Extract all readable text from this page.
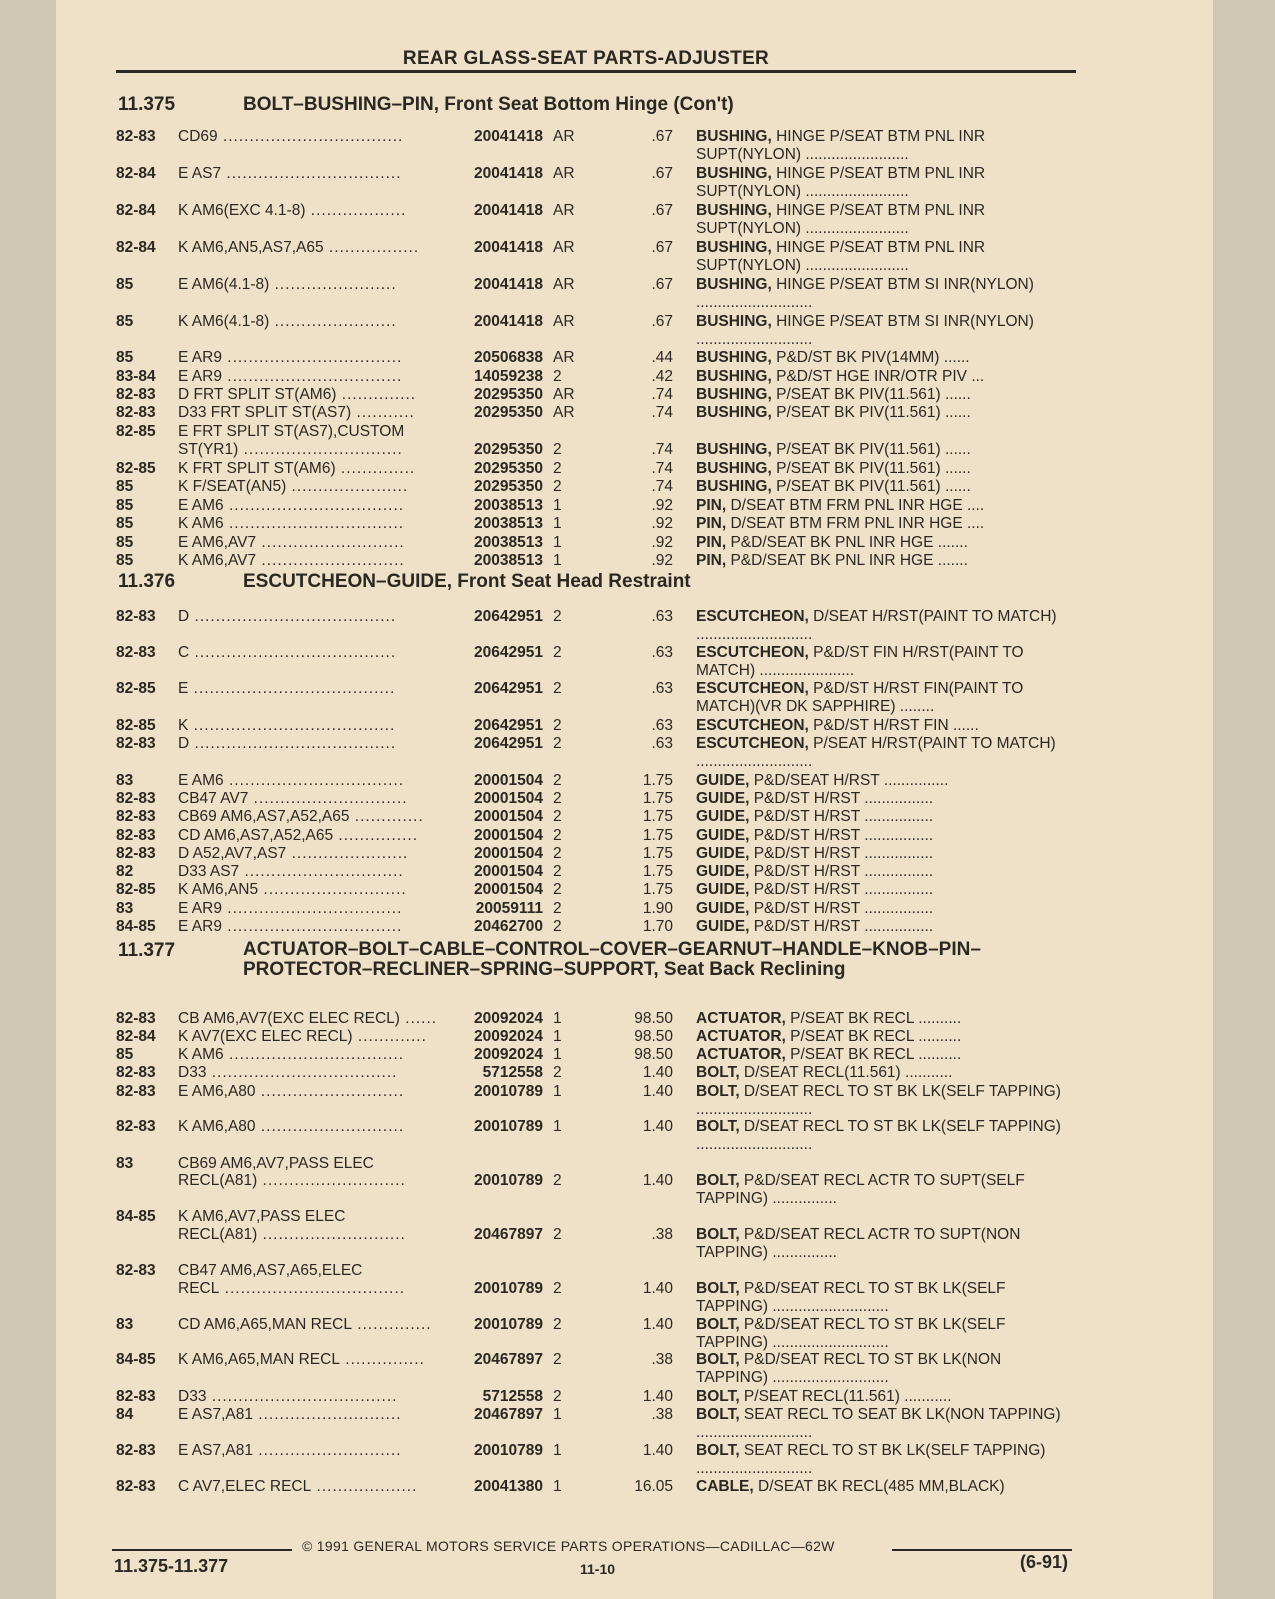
REAR GLASS-SEAT PARTS-ADJUSTER
11.375	BOLT–BUSHING–PIN, Front Seat Bottom Hinge (Con't)
11.376	ESCUTCHEON–GUIDE, Front Seat Head Restraint
11.377	ACTUATOR–BOLT–CABLE–CONTROL–COVER–GEARNUT–HANDLE–KNOB–PIN–PROTECTOR–RECLINER–SPRING–SUPPORT, Seat Back Reclining
82-83 CD69 ..................................	20041418 AR	.67 BUSHING, HINGE P/SEAT BTM PNL INR SUPT(NYLON) ........................
82-84 E AS7 .................................	20041418 AR	.67 BUSHING, HINGE P/SEAT BTM PNL INR SUPT(NYLON) ........................
82-84 K AM6(EXC 4.1-8) ..................	20041418 AR	.67 BUSHING, HINGE P/SEAT BTM PNL INR SUPT(NYLON) ........................
82-84 K AM6,AN5,AS7,A65 .................	20041418 AR	.67 BUSHING, HINGE P/SEAT BTM PNL INR SUPT(NYLON) ........................
85	E AM6(4.1-8) .......................	20041418 AR	.67 BUSHING, HINGE P/SEAT BTM SI INR(NYLON) ...........................
85	K AM6(4.1-8) .......................	20041418 AR	.67 BUSHING, HINGE P/SEAT BTM SI INR(NYLON) ...........................
85	E AR9 .................................	20506838 AR	.44 BUSHING, P&D/ST BK PIV(14MM) ......
83-84 E AR9 .................................	14059238 2	.42 BUSHING, P&D/ST HGE INR/OTR PIV ...
82-83 D FRT SPLIT ST(AM6) ..............	20295350 AR	.74 BUSHING, P/SEAT BK PIV(11.561) ......
82-83 D33 FRT SPLIT ST(AS7) ...........	20295350 AR	.74 BUSHING, P/SEAT BK PIV(11.561) ......
82-85 E FRT SPLIT ST(AS7),CUSTOM
ST(YR1) ..............................	20295350 2	.74 BUSHING, P/SEAT BK PIV(11.561) ......
82-85 K FRT SPLIT ST(AM6) ..............	20295350 2	.74 BUSHING, P/SEAT BK PIV(11.561) ......
85	K F/SEAT(AN5) ......................	20295350 2	.74 BUSHING, P/SEAT BK PIV(11.561) ......
85	E AM6 .................................	20038513 1	.92 PIN, D/SEAT BTM FRM PNL INR HGE ....
85	K AM6 .................................	20038513 1	.92 PIN, D/SEAT BTM FRM PNL INR HGE ....
85	E AM6,AV7 ...........................	20038513 1	.92 PIN, P&D/SEAT BK PNL INR HGE .......
85	K AM6,AV7 ...........................	20038513 1	.92 PIN, P&D/SEAT BK PNL INR HGE .......
82-83 D ......................................	20642951 2	.63 ESCUTCHEON, D/SEAT H/RST(PAINT TO MATCH) ...........................
82-83 C ......................................	20642951 2	.63 ESCUTCHEON, P&D/ST FIN H/RST(PAINT TO MATCH) ......................
82-85 E ......................................	20642951 2	.63 ESCUTCHEON, P&D/ST H/RST FIN(PAINT TO MATCH)(VR DK SAPPHIRE) ........
82-85 K ......................................	20642951 2	.63 ESCUTCHEON, P&D/ST H/RST FIN ......
82-83 D ......................................	20642951 2	.63 ESCUTCHEON, P/SEAT H/RST(PAINT TO MATCH) ...........................
83	E AM6 .................................	20001504 2	1.75 GUIDE, P&D/SEAT H/RST ...............
82-83 CB47 AV7 .............................	20001504 2	1.75 GUIDE, P&D/ST H/RST ................
82-83 CB69 AM6,AS7,A52,A65 .............	20001504 2	1.75 GUIDE, P&D/ST H/RST ................
82-83 CD AM6,AS7,A52,A65 ...............	20001504 2	1.75 GUIDE, P&D/ST H/RST ................
82-83 D A52,AV7,AS7 ......................	20001504 2	1.75 GUIDE, P&D/ST H/RST ................
82	D33 AS7 ..............................	20001504 2	1.75 GUIDE, P&D/ST H/RST ................
82-85 K AM6,AN5 ...........................	20001504 2	1.75 GUIDE, P&D/ST H/RST ................
83	E AR9 .................................	20059111 2	1.90 GUIDE, P&D/ST H/RST ................
84-85 E AR9 .................................	20462700 2	1.70 GUIDE, P&D/ST H/RST ................
82-83 CB AM6,AV7(EXC ELEC RECL) ......	20092024 1	98.50 ACTUATOR, P/SEAT BK RECL ..........
82-84 K AV7(EXC ELEC RECL) .............	20092024 1	98.50 ACTUATOR, P/SEAT BK RECL ..........
85	K AM6 .................................	20092024 1	98.50 ACTUATOR, P/SEAT BK RECL ..........
82-83 D33 ...................................	5712558 2	1.40 BOLT, D/SEAT RECL(11.561) ...........
82-83 E AM6,A80 ...........................	20010789 1	1.40 BOLT, D/SEAT RECL TO ST BK LK(SELF TAPPING) ...........................
82-83 K AM6,A80 ...........................	20010789 1	1.40 BOLT, D/SEAT RECL TO ST BK LK(SELF TAPPING) ...........................
83	CB69 AM6,AV7,PASS ELEC
RECL(A81) ...........................	20010789 2	1.40 BOLT, P&D/SEAT RECL ACTR TO SUPT(SELF TAPPING) ...............
84-85 K AM6,AV7,PASS ELEC
RECL(A81) ...........................	20467897 2	.38 BOLT, P&D/SEAT RECL ACTR TO SUPT(NON TAPPING) ...............
82-83 CB47 AM6,AS7,A65,ELEC
RECL ..................................	20010789 2	1.40 BOLT, P&D/SEAT RECL TO ST BK LK(SELF TAPPING) ...........................
83	CD AM6,A65,MAN RECL ..............	20010789 2	1.40 BOLT, P&D/SEAT RECL TO ST BK LK(SELF TAPPING) ...........................
84-85 K AM6,A65,MAN RECL ...............	20467897 2	.38 BOLT, P&D/SEAT RECL TO ST BK LK(NON TAPPING) ...........................
82-83 D33 ...................................	5712558 2	1.40 BOLT, P/SEAT RECL(11.561) ...........
84	E AS7,A81 ...........................	20467897 1	.38 BOLT, SEAT RECL TO SEAT BK LK(NON TAPPING) ...........................
82-83 E AS7,A81 ...........................	20010789 1	1.40 BOLT, SEAT RECL TO ST BK LK(SELF TAPPING) ...........................
82-83 C AV7,ELEC RECL ...................	20041380 1	16.05 CABLE, D/SEAT BK RECL(485 MM,BLACK)
© 1991 GENERAL MOTORS SERVICE PARTS OPERATIONS—CADILLAC—62W
11.375-11.377	11-10	(6-91)
